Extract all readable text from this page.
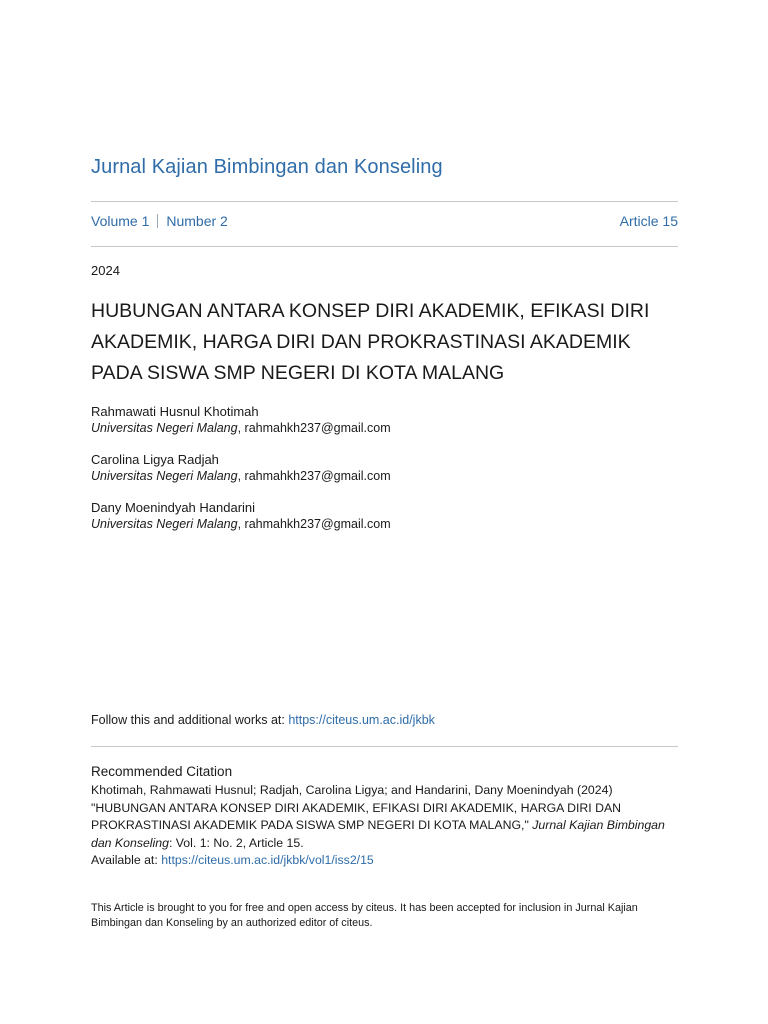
Jurnal Kajian Bimbingan dan Konseling
Volume 1 Number 2	Article 15
2024
HUBUNGAN ANTARA KONSEP DIRI AKADEMIK, EFIKASI DIRI AKADEMIK, HARGA DIRI DAN PROKRASTINASI AKADEMIK PADA SISWA SMP NEGERI DI KOTA MALANG
Rahmawati Husnul Khotimah
Universitas Negeri Malang, rahmahkh237@gmail.com
Carolina Ligya Radjah
Universitas Negeri Malang, rahmahkh237@gmail.com
Dany Moenindyah Handarini
Universitas Negeri Malang, rahmahkh237@gmail.com
Follow this and additional works at: https://citeus.um.ac.id/jkbk
Recommended Citation
Khotimah, Rahmawati Husnul; Radjah, Carolina Ligya; and Handarini, Dany Moenindyah (2024)
"HUBUNGAN ANTARA KONSEP DIRI AKADEMIK, EFIKASI DIRI AKADEMIK, HARGA DIRI DAN PROKRASTINASI AKADEMIK PADA SISWA SMP NEGERI DI KOTA MALANG," Jurnal Kajian Bimbingan dan Konseling: Vol. 1: No. 2, Article 15.
Available at: https://citeus.um.ac.id/jkbk/vol1/iss2/15
This Article is brought to you for free and open access by citeus. It has been accepted for inclusion in Jurnal Kajian Bimbingan dan Konseling by an authorized editor of citeus.
